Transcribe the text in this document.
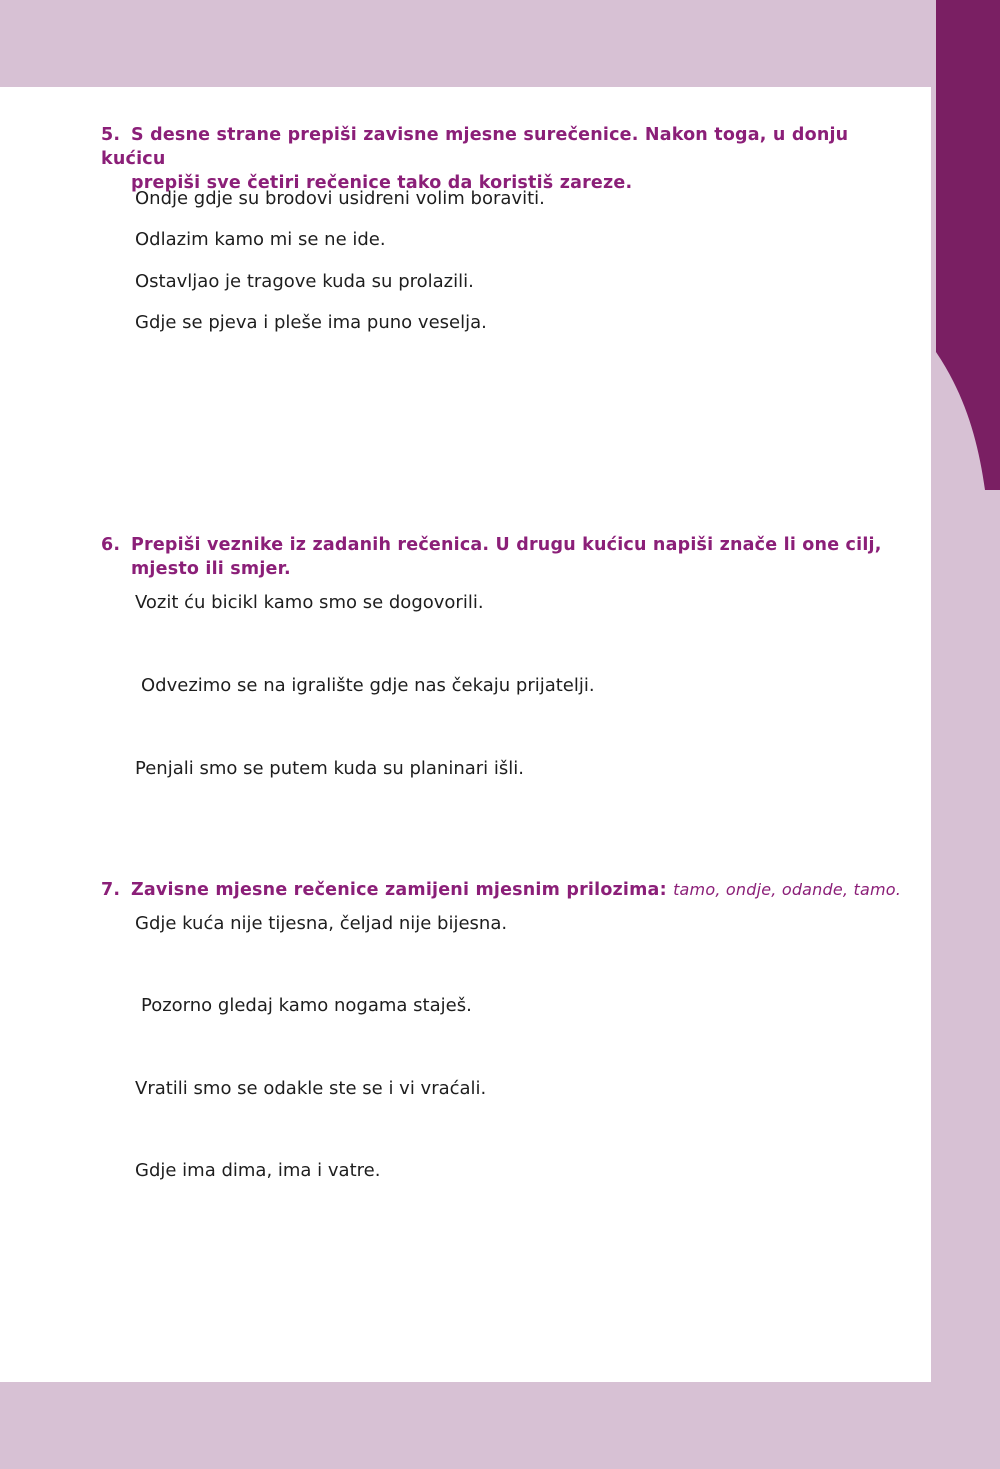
5. S desne strane prepiši zavisne mjesne surečenice. Nakon toga, u donju kućicu
prepiši sve četiri rečenice tako da koristiš zareze.

Ondje gdje su brodovi usidreni volim boraviti.

Odlazim kamo mi se ne ide.

Ostavljao je tragove kuda su prolazili.

Gdje se pjeva i pleše ima puno veselja.

6. Prepiši veznike iz zadanih rečenica. U drugu kućicu napiši znače li one cilj,
mjesto ili smjer.

Vozit ću bicikl kamo smo se dogovorili.

Odvezimo se na igralište gdje nas čekaju prijatelji.

Penjali smo se putem kuda su planinari išli.

7. Zavisne mjesne rečenice zamijeni mjesnim prilozima: tamo, ondje, odande, tamo.

Gdje kuća nije tijesna, čeljad nije bijesna.

Pozorno gledaj kamo nogama staješ.

Vratili smo se odakle ste se i vi vraćali.

Gdje ima dima, ima i vatre.
